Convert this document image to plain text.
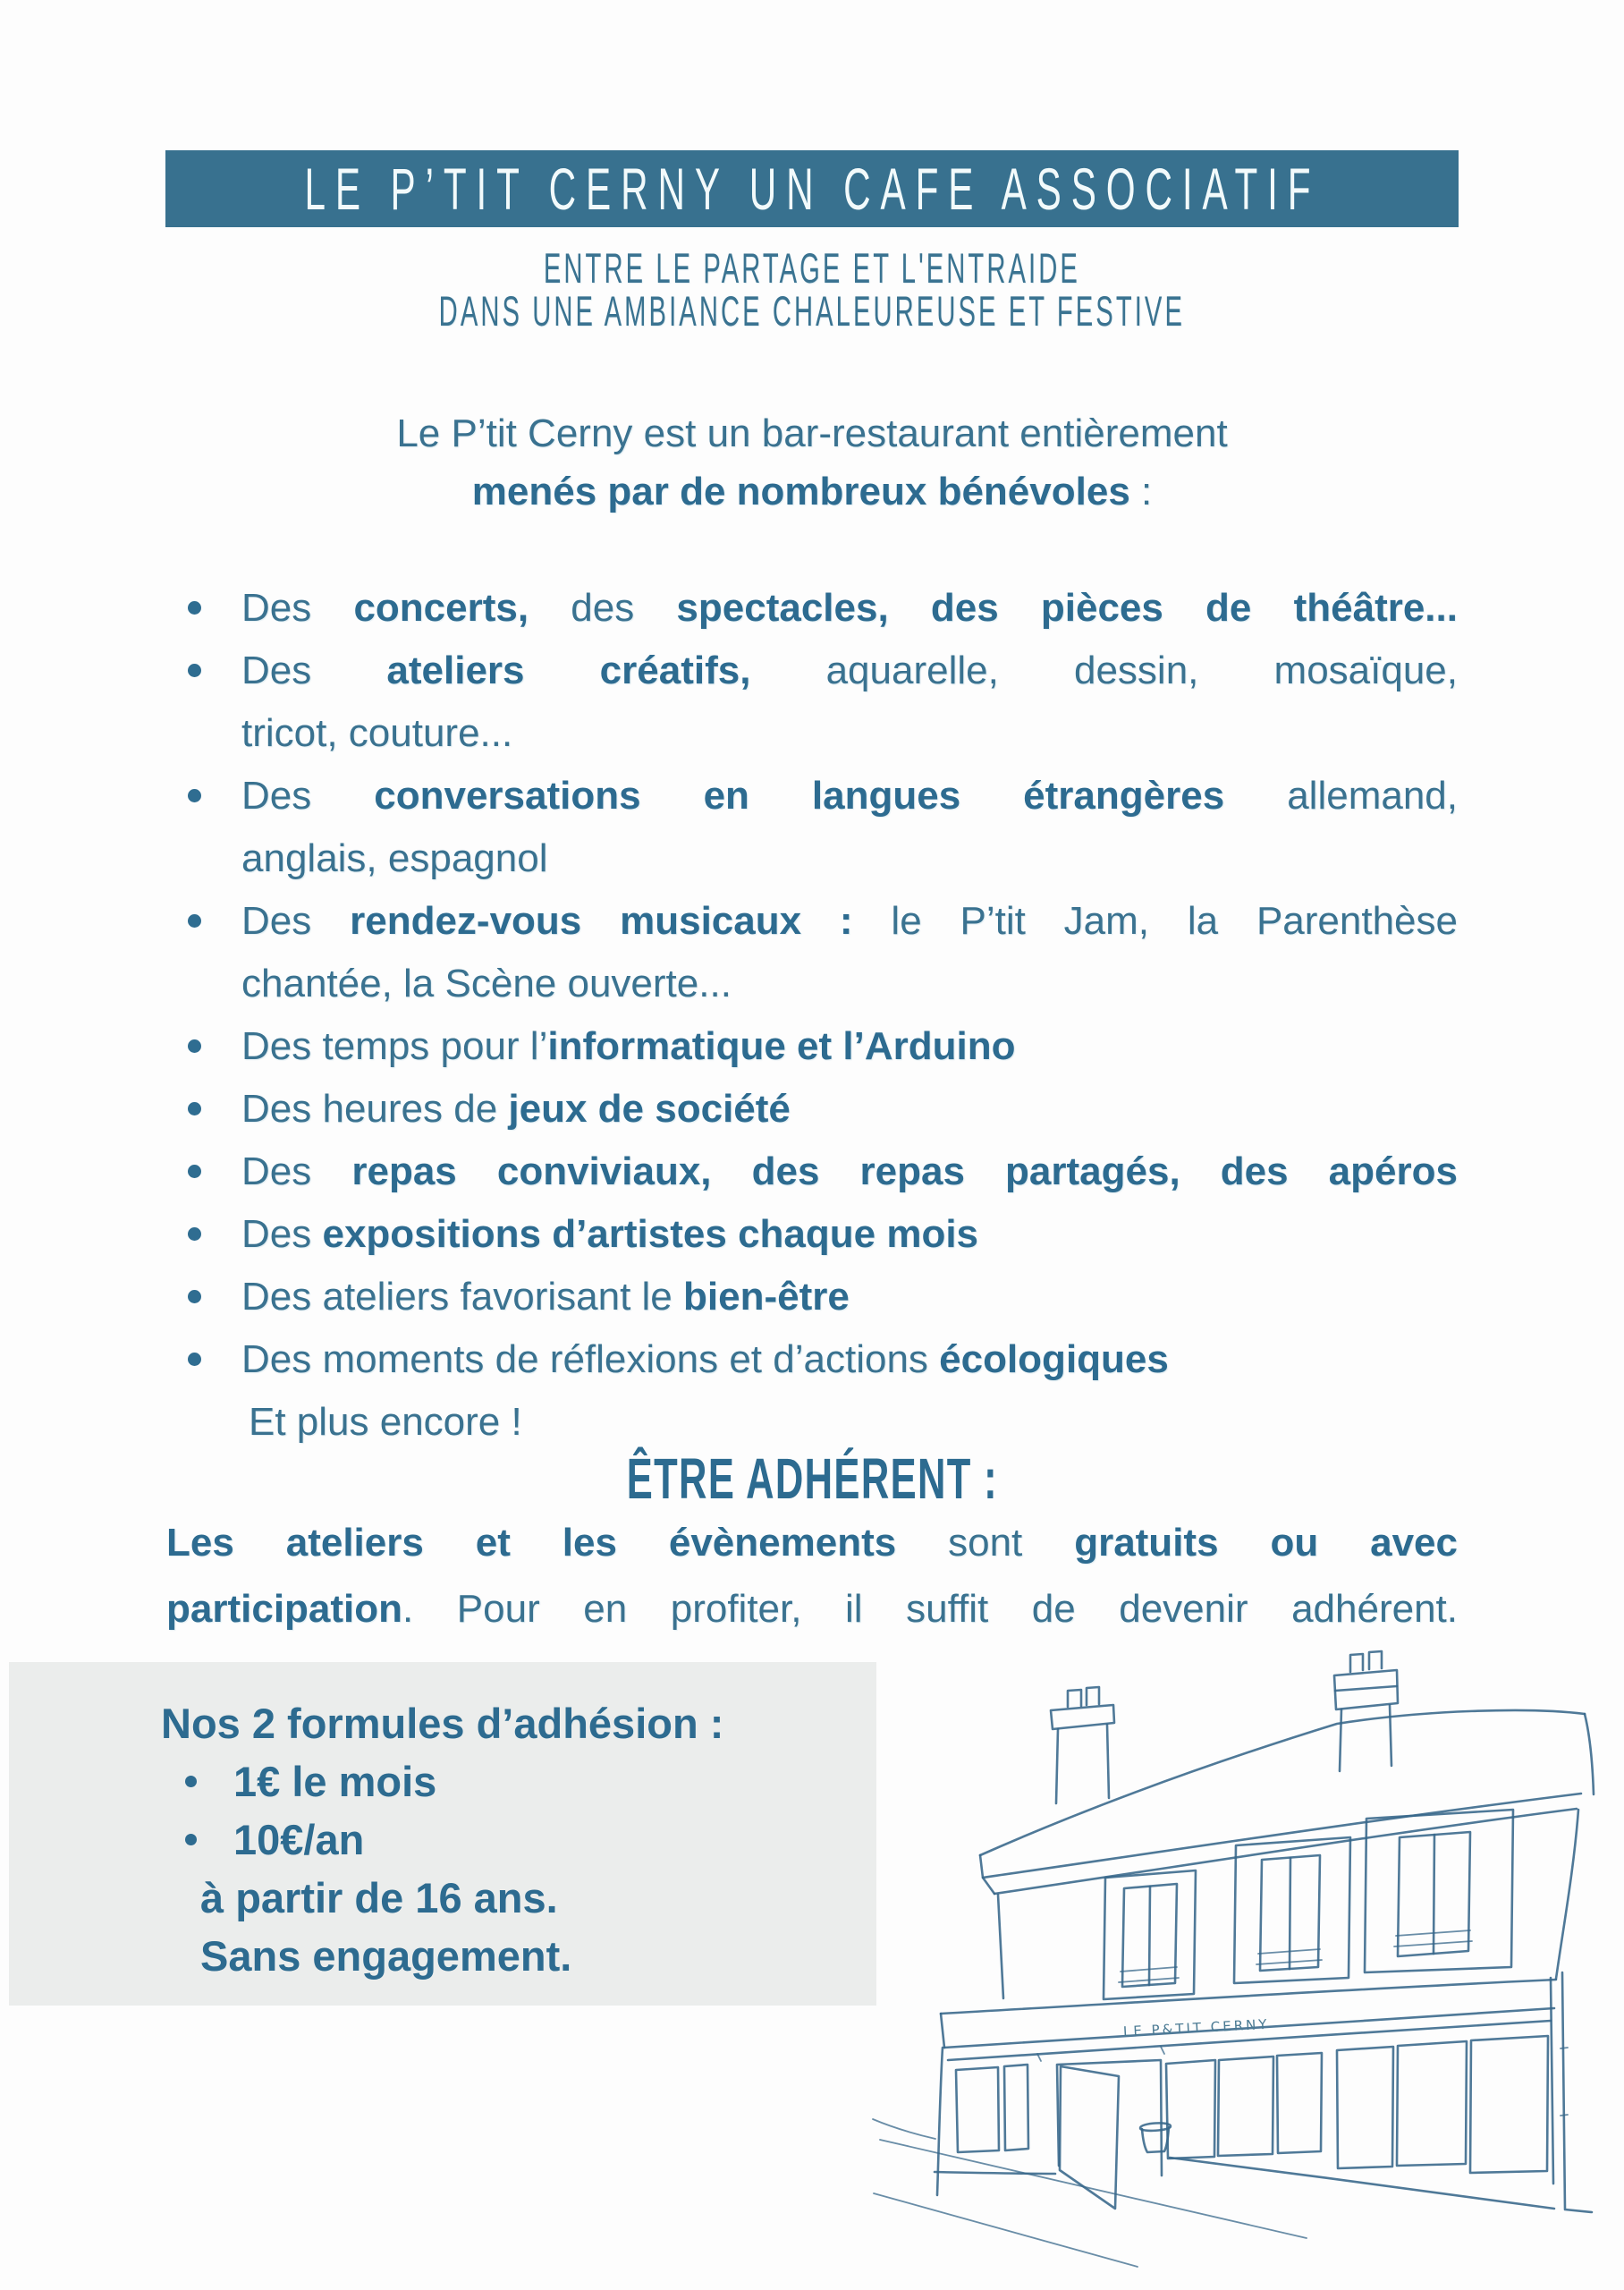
LE P’TIT CERNY UN CAFE ASSOCIATIF
ENTRE LE PARTAGE ET L'ENTRAIDE
DANS UNE AMBIANCE CHALEUREUSE ET FESTIVE
Le P’tit Cerny est un bar-restaurant entièrement
menés par de nombreux bénévoles :
Des concerts, des spectacles, des pièces de théâtre...
Des ateliers créatifs, aquarelle, dessin, mosaïque,
tricot, couture...
Des conversations en langues étrangères allemand,
anglais, espagnol
Des rendez-vous musicaux : le P’tit Jam, la Parenthèse
chantée, la Scène ouverte...
Des temps pour l’informatique et l’Arduino
Des heures de jeux de société
Des repas conviviaux, des repas partagés, des apéros
Des expositions d’artistes chaque mois
Des ateliers favorisant le bien-être
Des moments de réflexions et d’actions écologiques
Et plus encore !
ÊTRE ADHÉRENT :
Les ateliers et les évènements sont gratuits ou avec
participation. Pour en profiter, il suffit de devenir adhérent.
Nos 2 formules d’adhésion :
1€ le mois
10€/an
à partir de 16 ans.
Sans engagement.
LE P&TIT CERNY
